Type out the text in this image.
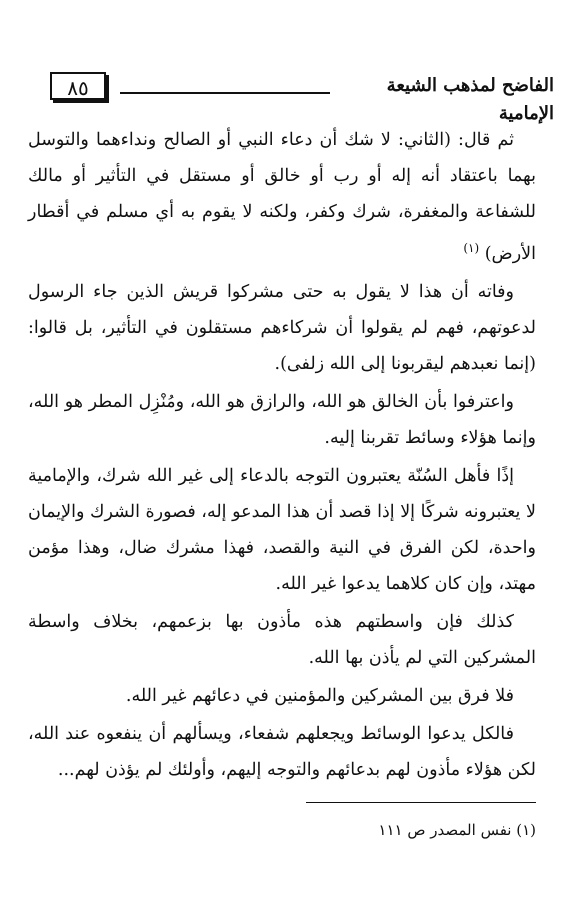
٨٥	الفاضح لمذهب الشيعة الإمامية

ثم قال: (الثاني: لا شك أن دعاء النبي أو الصالح ونداءهما والتوسل بهما باعتقاد أنه إله أو رب أو خالق أو مستقل في التأثير أو مالك للشفاعة والمغفرة، شرك وكفر، ولكنه لا يقوم به أي مسلم في أقطار الأرض) $^{(١)}$

وفاته أن هذا لا يقول به حتى مشركوا قريش الذين جاء الرسول لدعوتهم، فهم لم يقولوا أن شركاءهم مستقلون في التأثير، بل قالوا: (إنما نعبدهم ليقربونا إلى الله زلفى).

واعترفوا بأن الخالق هو الله، والرازق هو الله، ومُنْزِل المطر هو الله، وإنما هؤلاء وسائط تقربنا إليه.

إذًا فأهل السُنّة يعتبرون التوجه بالدعاء إلى غير الله شرك، والإمامية لا يعتبرونه شركًا إلا إذا قصد أن هذا المدعو إله، فصورة الشرك والإيمان واحدة، لكن الفرق في النية والقصد، فهذا مشرك ضال، وهذا مؤمن مهتد، وإن كان كلاهما يدعوا غير الله.

كذلك فإن واسطتهم هذه مأذون بها بزعمهم، بخلاف واسطة المشركين التي لم يأذن بها الله.

فلا فرق بين المشركين والمؤمنين في دعائهم غير الله.

فالكل يدعوا الوسائط ويجعلهم شفعاء، ويسألهم أن ينفعوه عند الله، لكن هؤلاء مأذون لهم بدعائهم والتوجه إليهم، وأولئك لم يؤذن لهم...

(١) نفس المصدر ص ١١١
